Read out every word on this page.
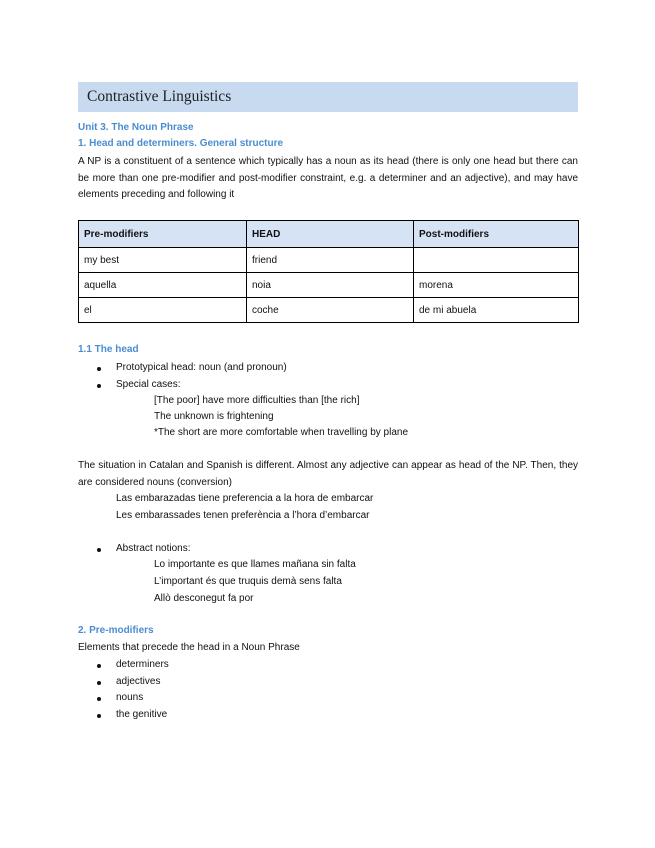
Contrastive Linguistics
Unit 3. The Noun Phrase
1. Head and determiners. General structure
A NP is a constituent of a sentence which typically has a noun as its head (there is only one head but there can be more than one pre-modifier and post-modifier constraint, e.g. a determiner and an adjective), and may have elements preceding and following it
Pre-modifiers	HEAD	Post-modifiers
my best	friend	
aquella	noia	morena
el	coche	de mi abuela
1.1 The head
Prototypical head: noun (and pronoun)
Special cases:
[The poor] have more difficulties than [the rich]
The unknown is frightening
*The short are more comfortable when travelling by plane
The situation in Catalan and Spanish is different. Almost any adjective can appear as head of the NP. Then, they are considered nouns (conversion)
Las embarazadas tiene preferencia a la hora de embarcar
Les embarassades tenen preferència a l’hora d’embarcar
Abstract notions:
Lo importante es que llames mañana sin falta
L’important és que truquis demà sens falta
Allò desconegut fa por
2. Pre-modifiers
Elements that precede the head in a Noun Phrase
determiners
adjectives
nouns
the genitive
